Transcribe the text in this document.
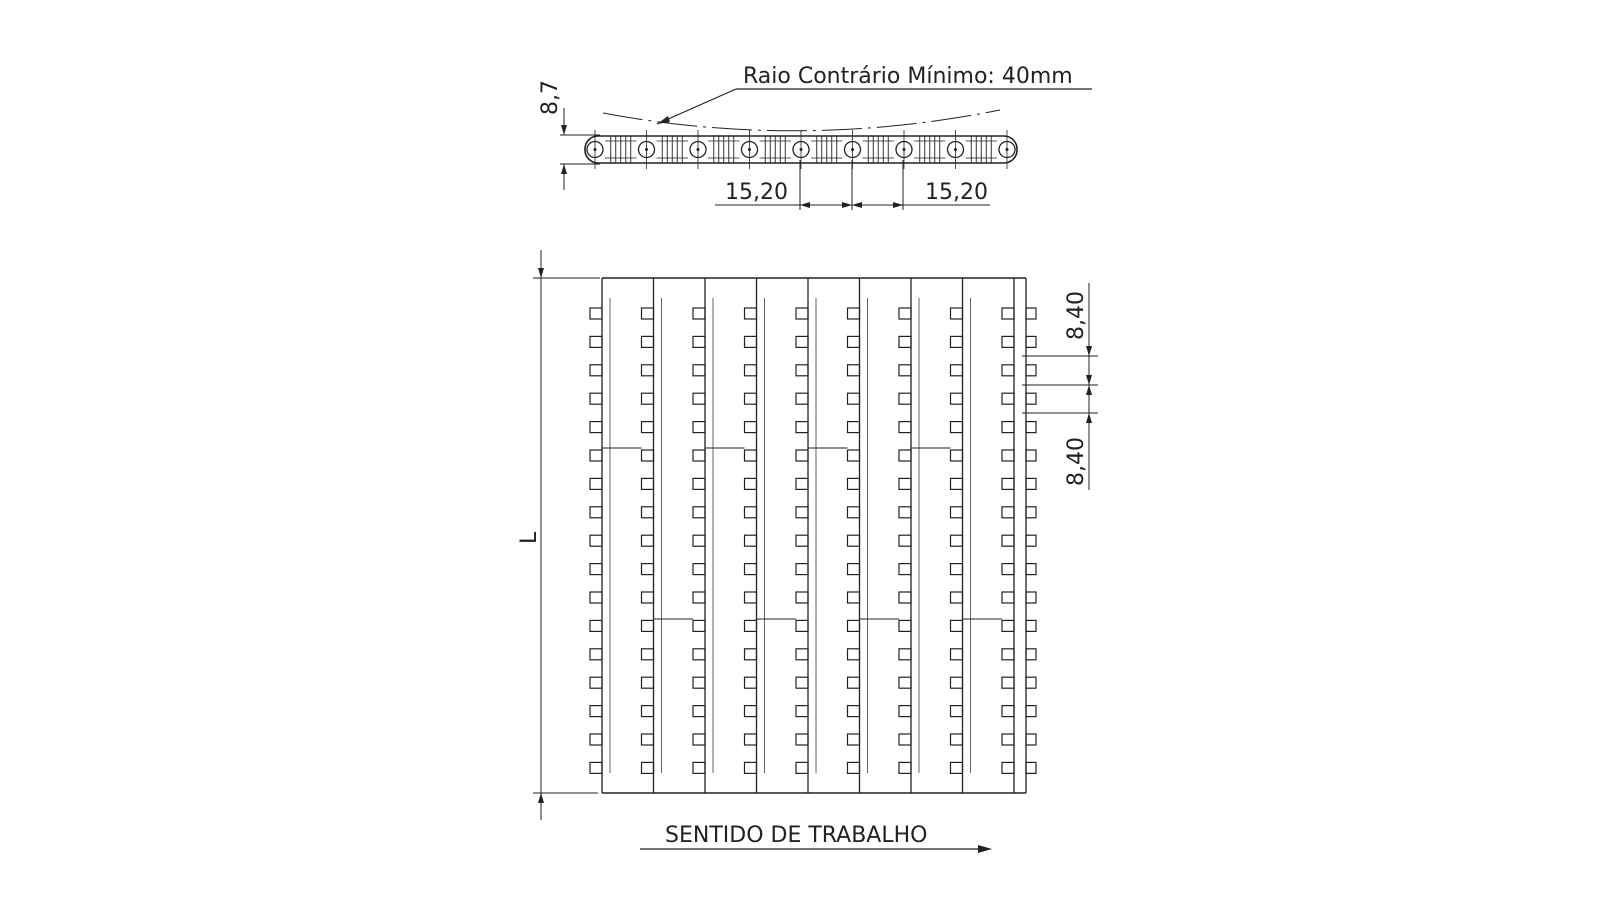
Raio Contrário Mínimo: 40mm
8,7
15,20	15,20
L
8,40
8,40
SENTIDO DE TRABALHO
